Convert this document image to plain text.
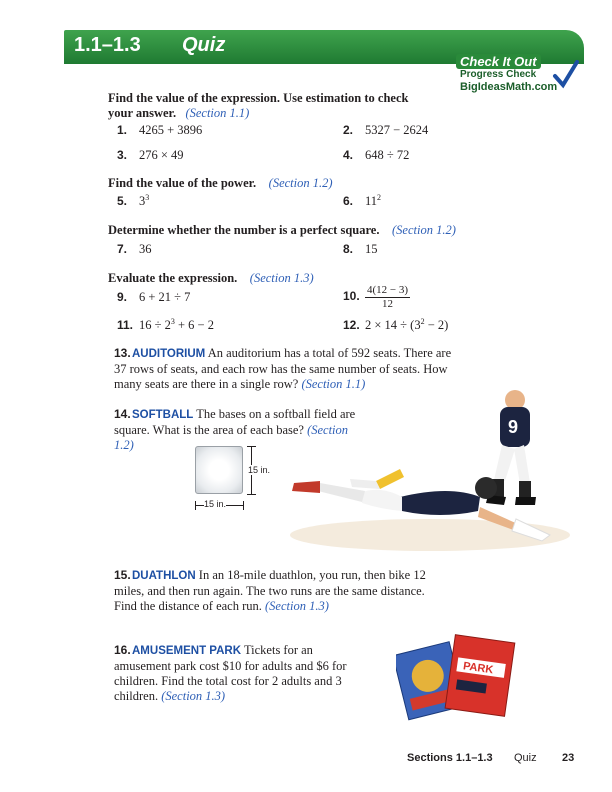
1.1–1.3 Quiz
Check It Out
Progress Check
BigIdeasMath.com
Find the value of the expression. Use estimation to check
your answer. (Section 1.1)
1. 4265 + 3896	2. 5327 − 2624
3. 276 × 49	4. 648 ÷ 72
Find the value of the power. (Section 1.2)
5. $3^3$	6. $11^2$
Determine whether the number is a perfect square. (Section 1.2)
7. 36	8. 15
Evaluate the expression. (Section 1.3)
9. 6 + 21 ÷ 7	10. $\frac{4(12 - 3)}{12}$
11. $16 \div 2^3 + 6 - 2$	12. $2 \times 14 \div (3^2 - 2)$
13.AUDITORIUM An auditorium has a total of 592 seats. There are 37 rows of seats, and each row has the same number of seats. How many seats are there in a single row? (Section 1.1)
14.SOFTBALL The bases on a softball field are square. What is the area of each base? (Section 1.2)
15 in.
15 in.
9
15.DUATHLON In an 18-mile duathlon, you run, then bike 12 miles, and then run again. The two runs are the same distance. Find the distance of each run. (Section 1.3)
16.AMUSEMENT PARK Tickets for an amusement park cost $10 for adults and $6 for children. Find the total cost for 2 adults and 3 children. (Section 1.3)
PARK
Sections 1.1–1.3 Quiz 23
